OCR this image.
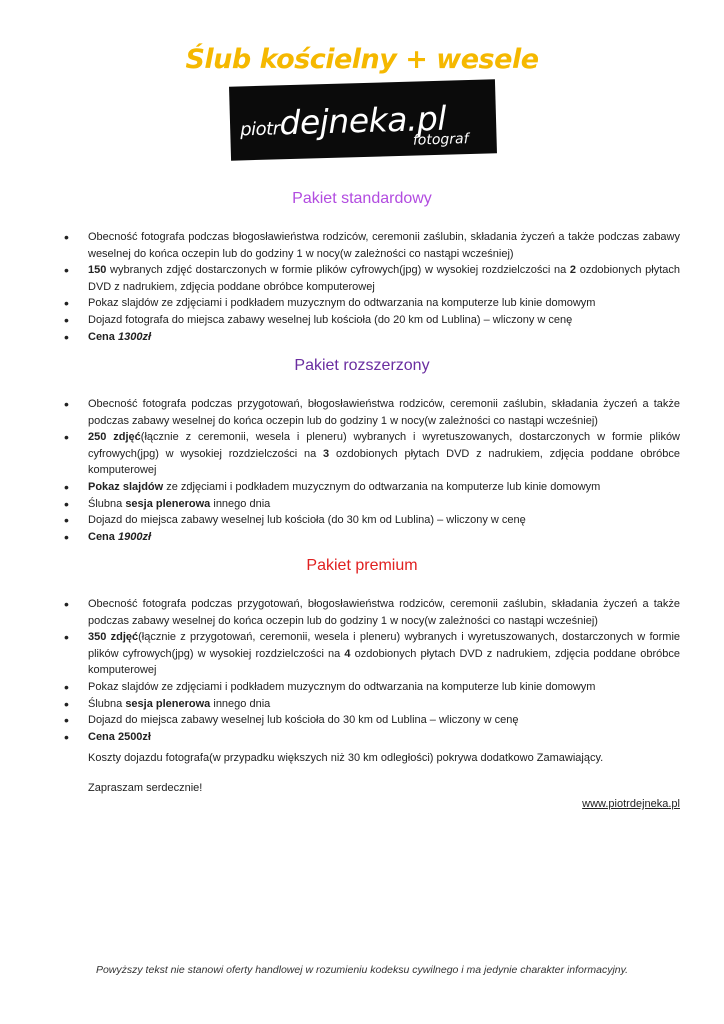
Ślub kościelny + wesele
piotrdejneka.pl
fotograf
Pakiet standardowy
• Obecność fotografa podczas błogosławieństwa rodziców, ceremonii zaślubin, składania życzeń a także podczas zabawy weselnej do końca oczepin lub do godziny 1 w nocy(w zależności co nastąpi wcześniej)
• 150 wybranych zdjęć dostarczonych w formie plików cyfrowych(jpg) w wysokiej rozdzielczości na 2 ozdobionych płytach DVD z nadrukiem, zdjęcia poddane obróbce komputerowej
• Pokaz slajdów ze zdjęciami i podkładem muzycznym do odtwarzania na komputerze lub kinie domowym
• Dojazd fotografa do miejsca zabawy weselnej lub kościoła (do 20 km od Lublina) – wliczony w cenę
• Cena 1300zł
Pakiet rozszerzony
• Obecność fotografa podczas przygotowań, błogosławieństwa rodziców, ceremonii zaślubin, składania życzeń a także podczas zabawy weselnej do końca oczepin lub do godziny 1 w nocy(w zależności co nastąpi wcześniej)
• 250 zdjęć(łącznie z ceremonii, wesela i pleneru) wybranych i wyretuszowanych, dostarczonych w formie plików cyfrowych(jpg) w wysokiej rozdzielczości na 3 ozdobionych płytach DVD z nadrukiem, zdjęcia poddane obróbce komputerowej
• Pokaz slajdów ze zdjęciami i podkładem muzycznym do odtwarzania na komputerze lub kinie domowym
• Ślubna sesja plenerowa innego dnia
• Dojazd do miejsca zabawy weselnej lub kościoła (do 30 km od Lublina) – wliczony w cenę
• Cena 1900zł
Pakiet premium
• Obecność fotografa podczas przygotowań, błogosławieństwa rodziców, ceremonii zaślubin, składania życzeń a także podczas zabawy weselnej do końca oczepin lub do godziny 1 w nocy(w zależności co nastąpi wcześniej)
• 350 zdjęć(łącznie z przygotowań, ceremonii, wesela i pleneru) wybranych i wyretuszowanych, dostarczonych w formie plików cyfrowych(jpg) w wysokiej rozdzielczości na 4 ozdobionych płytach DVD z nadrukiem, zdjęcia poddane obróbce komputerowej
• Pokaz slajdów ze zdjęciami i podkładem muzycznym do odtwarzania na komputerze lub kinie domowym
• Ślubna sesja plenerowa innego dnia
• Dojazd do miejsca zabawy weselnej lub kościoła do 30 km od Lublina – wliczony w cenę
• Cena 2500zł
Koszty dojazdu fotografa(w przypadku większych niż 30 km odległości) pokrywa dodatkowo Zamawiający.
Zapraszam serdecznie!
www.piotrdejneka.pl
Powyższy tekst nie stanowi oferty handlowej w rozumieniu kodeksu cywilnego i ma jedynie charakter informacyjny.
